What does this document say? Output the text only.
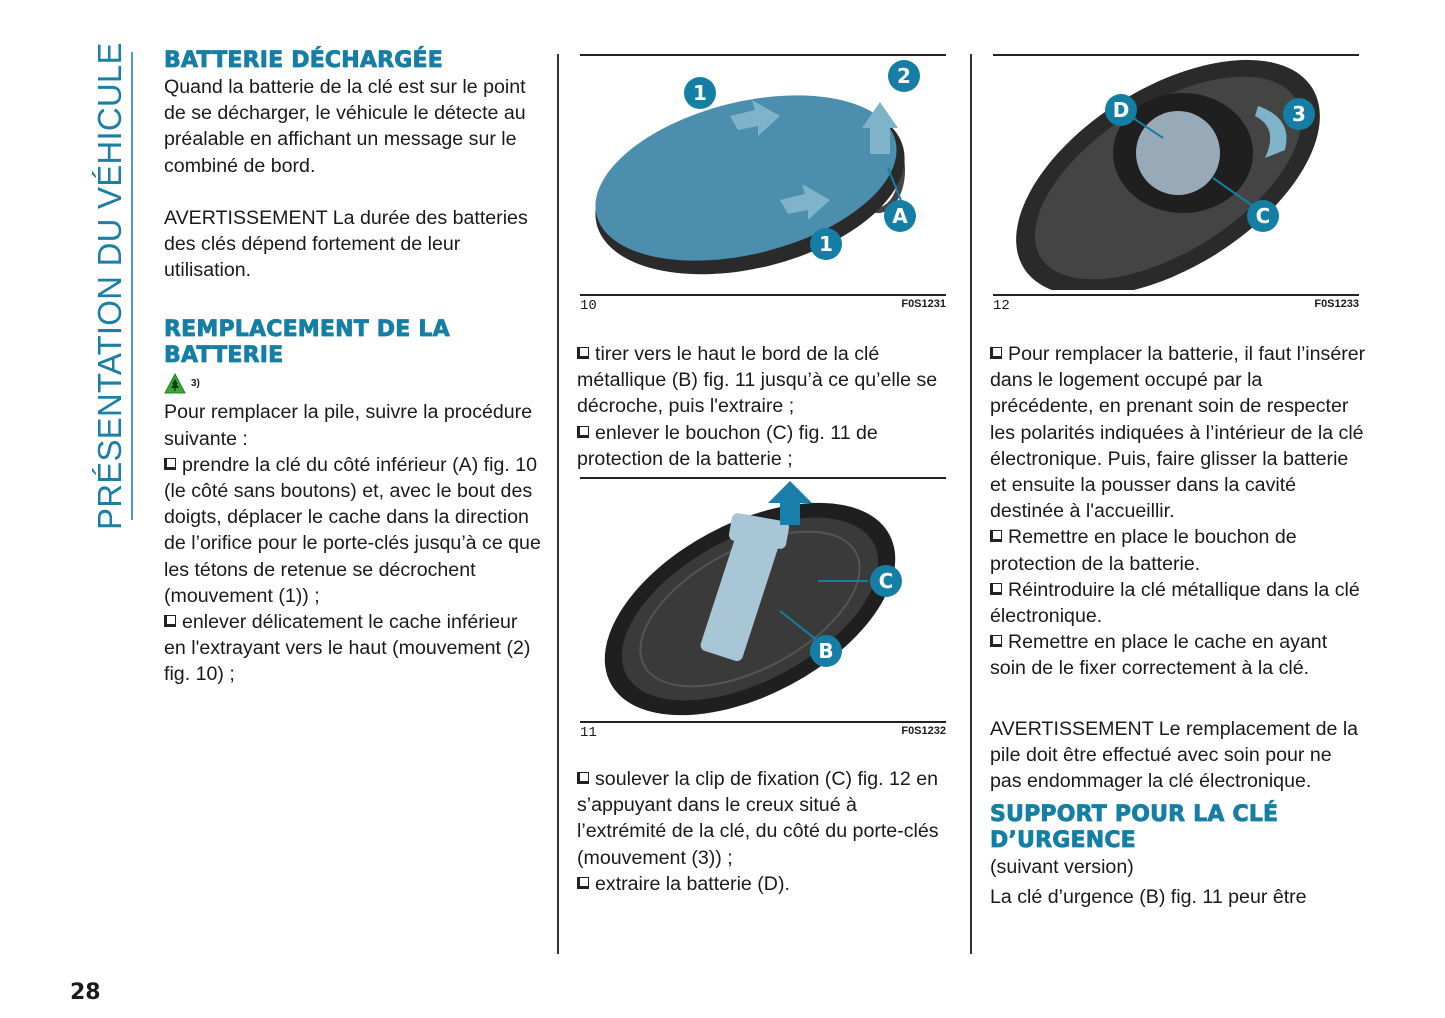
PRÉSENTATION DU VÉHICULE BATTERIE DÉCHARGÉE

Quand la batterie de la clé est sur le point de se décharger, le véhicule le détecte au préalable en affichant un message sur le combiné de bord.

AVERTISSEMENT La durée des batteries des clés dépend fortement de leur utilisation.

REMPLACEMENT DE LA BATTERIE
3)

Pour remplacer la pile, suivre la procédure suivante :

prendre la clé du côté inférieur (A) fig. 10 (le côté sans boutons) et, avec le bout des doigts, déplacer le cache dans la direction de l’orifice pour le porte-clés jusqu’à ce que les tétons de retenue se décrochent (mouvement (1)) ;

enlever délicatement le cache inférieur en l'extrayant vers le haut (mouvement (2) fig. 10) ;

1
2
A
1
10	F0S1231

tirer vers le haut le bord de la clé métallique (B) fig. 11 jusqu’à ce qu’elle se décroche, puis l'extraire ;

enlever le bouchon (C) fig. 11 de protection de la batterie ;

C
B
11	F0S1232

soulever la clip de fixation (C) fig. 12 en s’appuyant dans le creux situé à l’extrémité de la clé, du côté du porte-clés (mouvement (3)) ;

extraire la batterie (D).

D	3
C
12	F0S1233

Pour remplacer la batterie, il faut l’insérer dans le logement occupé par la précédente, en prenant soin de respecter les polarités indiquées à l’intérieur de la clé électronique. Puis, faire glisser la batterie et ensuite la pousser dans la cavité destinée à l'accueillir.

Remettre en place le bouchon de protection de la batterie.

Réintroduire la clé métallique dans la clé électronique.

Remettre en place le cache en ayant soin de le fixer correctement à la clé.

AVERTISSEMENT Le remplacement de la pile doit être effectué avec soin pour ne pas endommager la clé électronique.

SUPPORT POUR LA CLÉ D’URGENCE

(suivant version)

La clé d’urgence (B) fig. 11 peur être

28
